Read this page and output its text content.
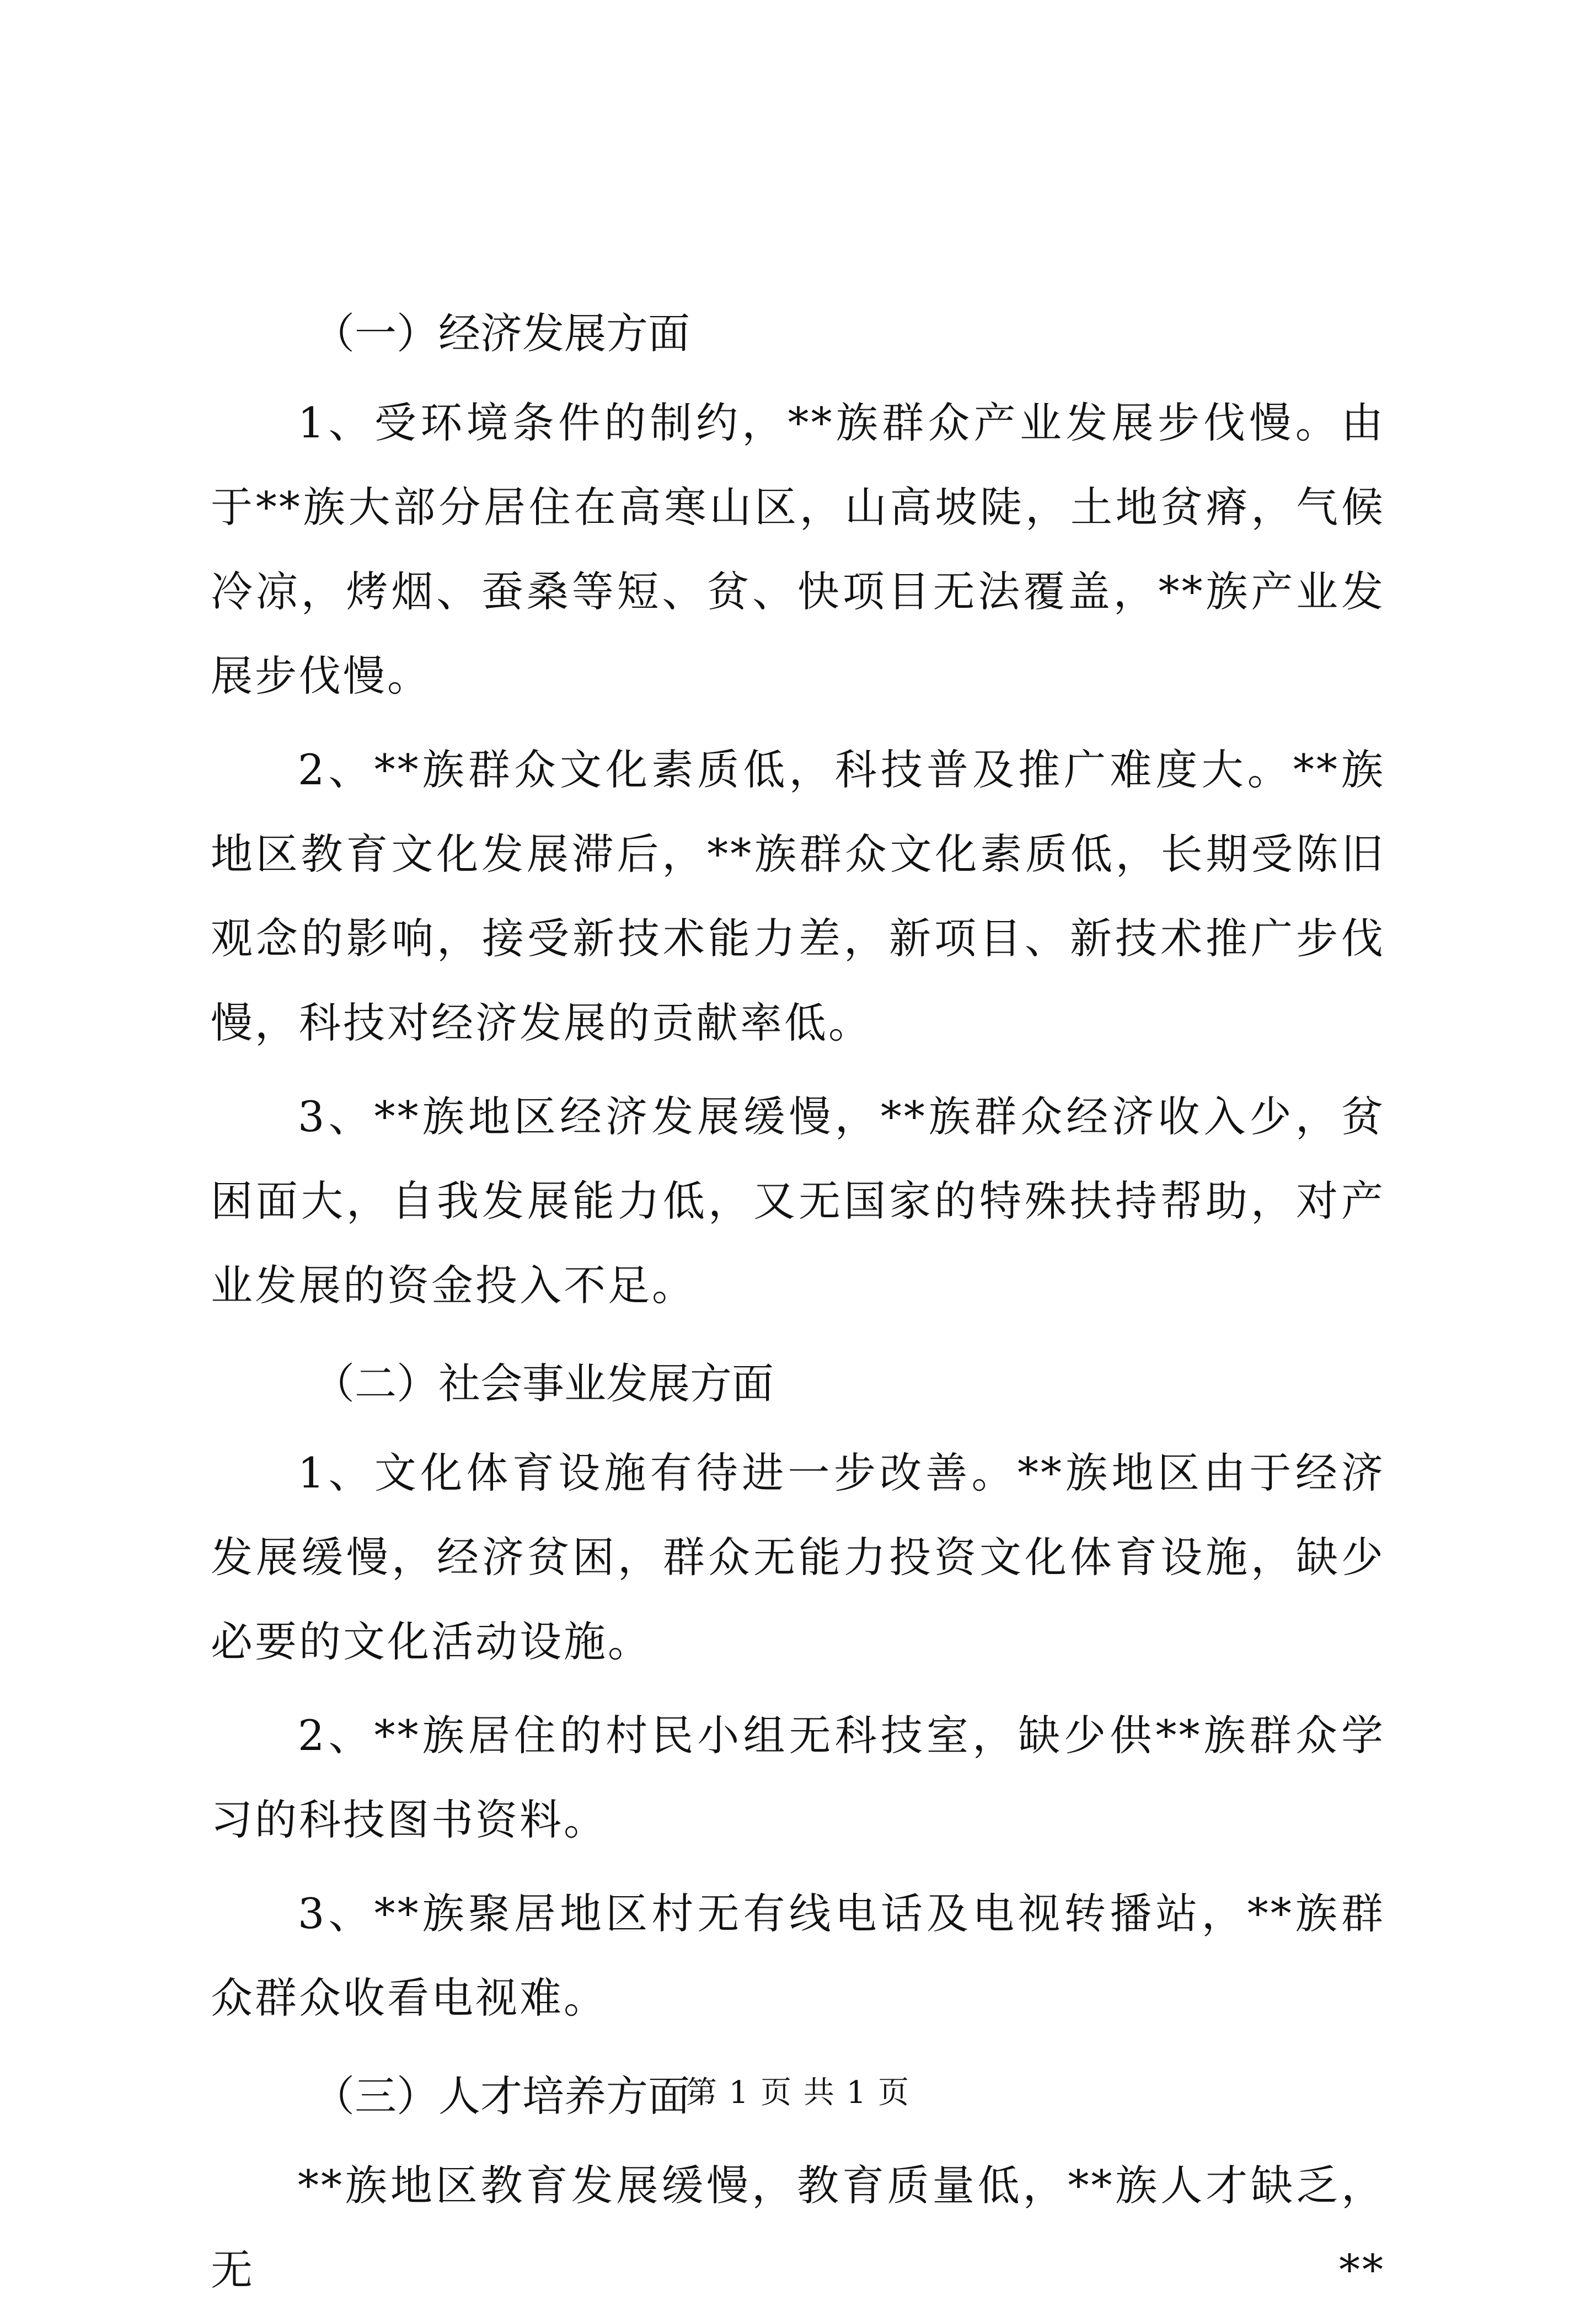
（一）经济发展方面

1、受环境条件的制约，**族群众产业发展步伐慢。由于**族大部分居住在高寒山区，山高坡陡，土地贫瘠，气候冷凉，烤烟、蚕桑等短、贫、快项目无法覆盖，**族产业发展步伐慢。

2、**族群众文化素质低，科技普及推广难度大。**族地区教育文化发展滞后，**族群众文化素质低，长期受陈旧观念的影响，接受新技术能力差，新项目、新技术推广步伐慢，科技对经济发展的贡献率低。

3、**族地区经济发展缓慢，**族群众经济收入少，贫困面大，自我发展能力低，又无国家的特殊扶持帮助，对产业发展的资金投入不足。

（二）社会事业发展方面

1、文化体育设施有待进一步改善。**族地区由于经济发展缓慢，经济贫困，群众无能力投资文化体育设施，缺少必要的文化活动设施。

2、**族居住的村民小组无科技室，缺少供**族群众学习的科技图书资料。

3、**族聚居地区村无有线电话及电视转播站，**族群众群众收看电视难。

（三）人才培养方面

**族地区教育发展缓慢，教育质量低，**族人才缺乏，无**

第 1 页 共 1 页
